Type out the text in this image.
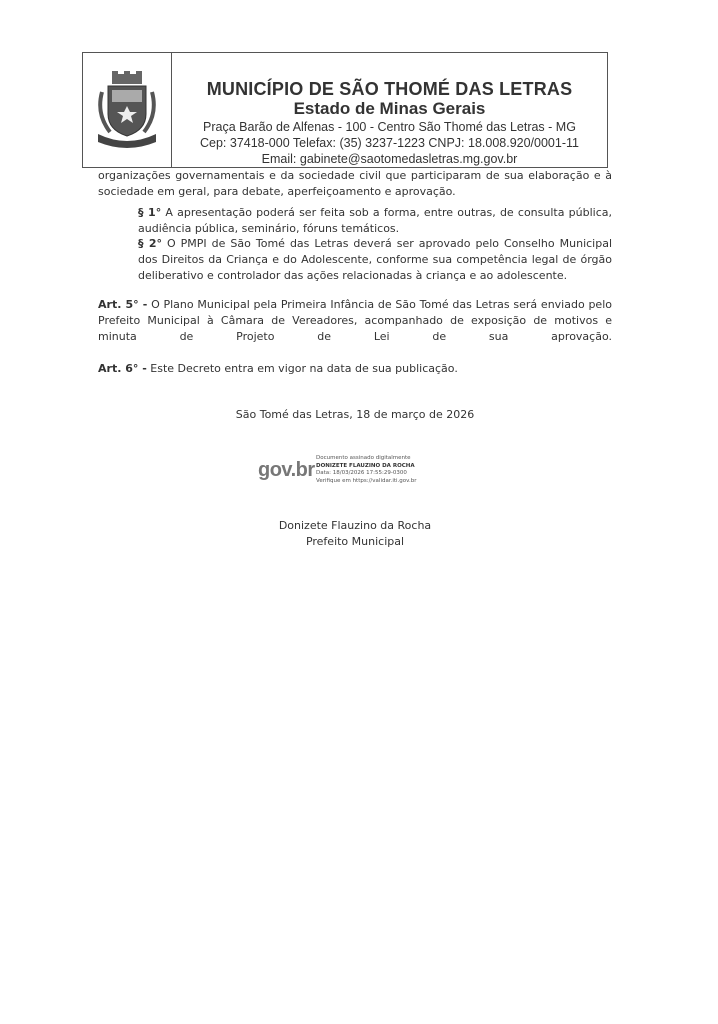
MUNICÍPIO DE SÃO THOMÉ DAS LETRAS
Estado de Minas Gerais
Praça Barão de Alfenas - 100 - Centro São Thomé das Letras - MG
Cep: 37418-000 Telefax: (35) 3237-1223 CNPJ: 18.008.920/0001-11
Email: gabinete@saotomedasletras.mg.gov.br
organizações governamentais e da sociedade civil que participaram de sua elaboração e à sociedade em geral, para debate, aperfeiçoamento e aprovação.
§ 1° A apresentação poderá ser feita sob a forma, entre outras, de consulta pública, audiência pública, seminário, fóruns temáticos.
§ 2° O PMPI de São Tomé das Letras deverá ser aprovado pelo Conselho Municipal dos Direitos da Criança e do Adolescente, conforme sua competência legal de órgão deliberativo e controlador das ações relacionadas à criança e ao adolescente.
Art. 5° - O Plano Municipal pela Primeira Infância de São Tomé das Letras será enviado pelo Prefeito Municipal à Câmara de Vereadores, acompanhado de exposição de motivos e minuta de Projeto de Lei de sua aprovação.
Art. 6° - Este Decreto entra em vigor na data de sua publicação.
São Tomé das Letras, 18 de março de 2026
gov.br
Documento assinado digitalmente
DONIZETE FLAUZINO DA ROCHA
Data: 18/03/2026 17:55:29-0300
Verifique em https://validar.iti.gov.br
Donizete Flauzino da Rocha
Prefeito Municipal
